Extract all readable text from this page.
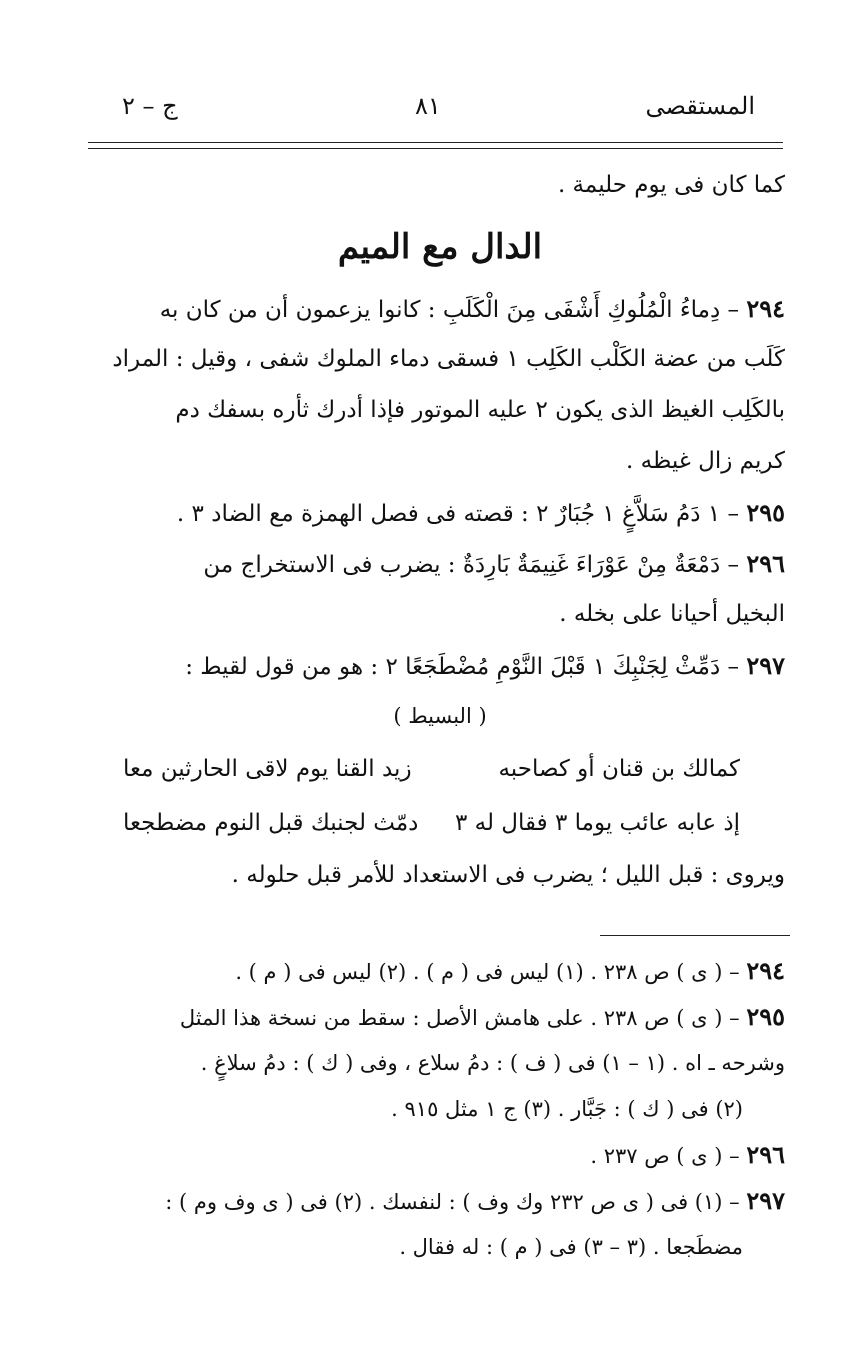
المستقصى
٨١
ج – ٢
كما كان فى يوم حليمة .
الدال مع الميم
٢٩٤ – دِماءُ الْمُلُوكِ أَشْفَى مِنَ الْكَلَبِ : كانوا يزعمون أن من كان به
كَلَب من عضة الكَلْب الكَلِب ١ فسقى دماء الملوك شفى ، وقيل : المراد
بالكَلِب الغيظ الذى يكون ٢ عليه الموتور فإذا أدرك ثأره بسفك دم
كريم زال غيظه .
٢٩٥ – ١ دَمُ سَلاَّغٍ ١ جُبَارٌ ٢ : قصته فى فصل الهمزة مع الضاد ٣ .
٢٩٦ – دَمْعَةٌ مِنْ عَوْرَاءَ غَنِيمَةٌ بَارِدَةٌ : يضرب فى الاستخراج من
البخيل أحيانا على بخله .
٢٩٧ – دَمِّثْ لِجَنْبِكَ ١ قَبْلَ النَّوْمِ مُضْطَجَعًا ٢ : هو من قول لقيط :
( البسيط )
كمالك بن قنان أو كصاحبه
زيد القنا يوم لاقى الحارثين معا
إذ عابه عائب يوما ٣ فقال له ٣
دمّث لجنبك قبل النوم مضطجعا
ويروى : قبل الليل ؛ يضرب فى الاستعداد للأمر قبل حلوله .
٢٩٤ – ( ى ) ص ٢٣٨ . (١) ليس فى ( م ) . (٢) ليس فى ( م ) .
٢٩٥ – ( ى ) ص ٢٣٨ . على هامش الأصل : سقط من نسخة هذا المثل
وشرحه ـ اه . (١ – ١) فى ( ف ) : دمُ سلاع ، وفى ( ك ) : دمُ سلاغٍ .
(٢) فى ( ك ) : جَبَّار . (٣) ج ١ مثل ٩١٥ .
٢٩٦ – ( ى ) ص ٢٣٧ .
٢٩٧ – (١) فى ( ى ص ٢٣٢ وك وف ) : لنفسك . (٢) فى ( ى وف وم ) :
مضطَجعا . (٣ – ٣) فى ( م ) : له فقال .
